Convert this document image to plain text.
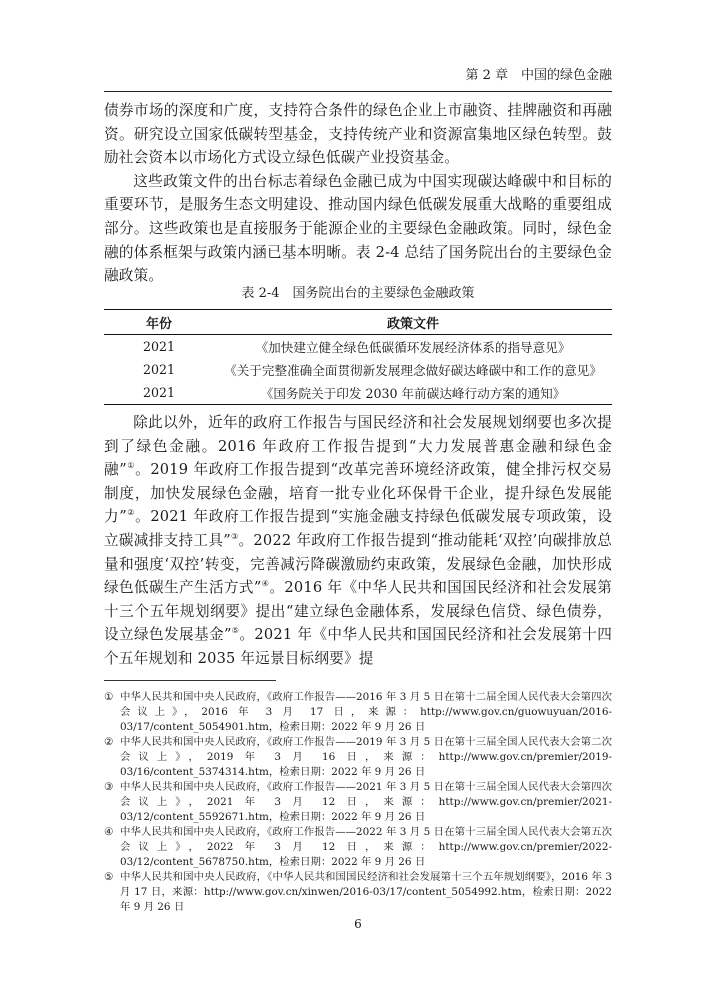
第 2 章　中国的绿色金融

债券市场的深度和广度，支持符合条件的绿色企业上市融资、挂牌融资和再融资。研究设立国家低碳转型基金，支持传统产业和资源富集地区绿色转型。鼓励社会资本以市场化方式设立绿色低碳产业投资基金。

这些政策文件的出台标志着绿色金融已成为中国实现碳达峰碳中和目标的重要环节，是服务生态文明建设、推动国内绿色低碳发展重大战略的重要组成部分。这些政策也是直接服务于能源企业的主要绿色金融政策。同时，绿色金融的体系框架与政策内涵已基本明晰。表 2-4 总结了国务院出台的主要绿色金融政策。

表 2-4　国务院出台的主要绿色金融政策
年份	政策文件
2021	《加快建立健全绿色低碳循环发展经济体系的指导意见》
2021	《关于完整准确全面贯彻新发展理念做好碳达峰碳中和工作的意见》
2021	《国务院关于印发 2030 年前碳达峰行动方案的通知》

除此以外，近年的政府工作报告与国民经济和社会发展规划纲要也多次提到了绿色金融。2016 年政府工作报告提到“大力发展普惠金融和绿色金融”①。2019 年政府工作报告提到“改革完善环境经济政策，健全排污权交易制度，加快发展绿色金融，培育一批专业化环保骨干企业，提升绿色发展能力”②。2021 年政府工作报告提到“实施金融支持绿色低碳发展专项政策，设立碳减排支持工具”③。2022 年政府工作报告提到“推动能耗‘双控’向碳排放总量和强度‘双控’转变，完善减污降碳激励约束政策，发展绿色金融，加快形成绿色低碳生产生活方式”④。2016 年《中华人民共和国国民经济和社会发展第十三个五年规划纲要》提出“建立绿色金融体系，发展绿色信贷、绿色债券，设立绿色发展基金”⑤。2021 年《中华人民共和国国民经济和社会发展第十四个五年规划和 2035 年远景目标纲要》提

① 中华人民共和国中央人民政府，《政府工作报告——2016 年 3 月 5 日在第十二届全国人民代表大会第四次会议上》，2016 年 3 月 17 日，来源：http://www.gov.cn/guowuyuan/2016-03/17/content_5054901.htm，检索日期：2022 年 9 月 26 日
② 中华人民共和国中央人民政府，《政府工作报告——2019 年 3 月 5 日在第十三届全国人民代表大会第二次会议上》，2019 年 3 月 16 日，来源：http://www.gov.cn/premier/2019-03/16/content_5374314.htm，检索日期：2022 年 9 月 26 日
③ 中华人民共和国中央人民政府，《政府工作报告——2021 年 3 月 5 日在第十三届全国人民代表大会第四次会议上》，2021 年 3 月 12 日，来源：http://www.gov.cn/premier/2021-03/12/content_5592671.htm，检索日期：2022 年 9 月 26 日
④ 中华人民共和国中央人民政府，《政府工作报告——2022 年 3 月 5 日在第十三届全国人民代表大会第五次会议上》，2022 年 3 月 12 日，来源：http://www.gov.cn/premier/2022-03/12/content_5678750.htm，检索日期：2022 年 9 月 26 日
⑤ 中华人民共和国中央人民政府，《中华人民共和国国民经济和社会发展第十三个五年规划纲要》，2016 年 3 月 17 日，来源：http://www.gov.cn/xinwen/2016-03/17/content_5054992.htm，检索日期：2022 年 9 月 26 日
6
